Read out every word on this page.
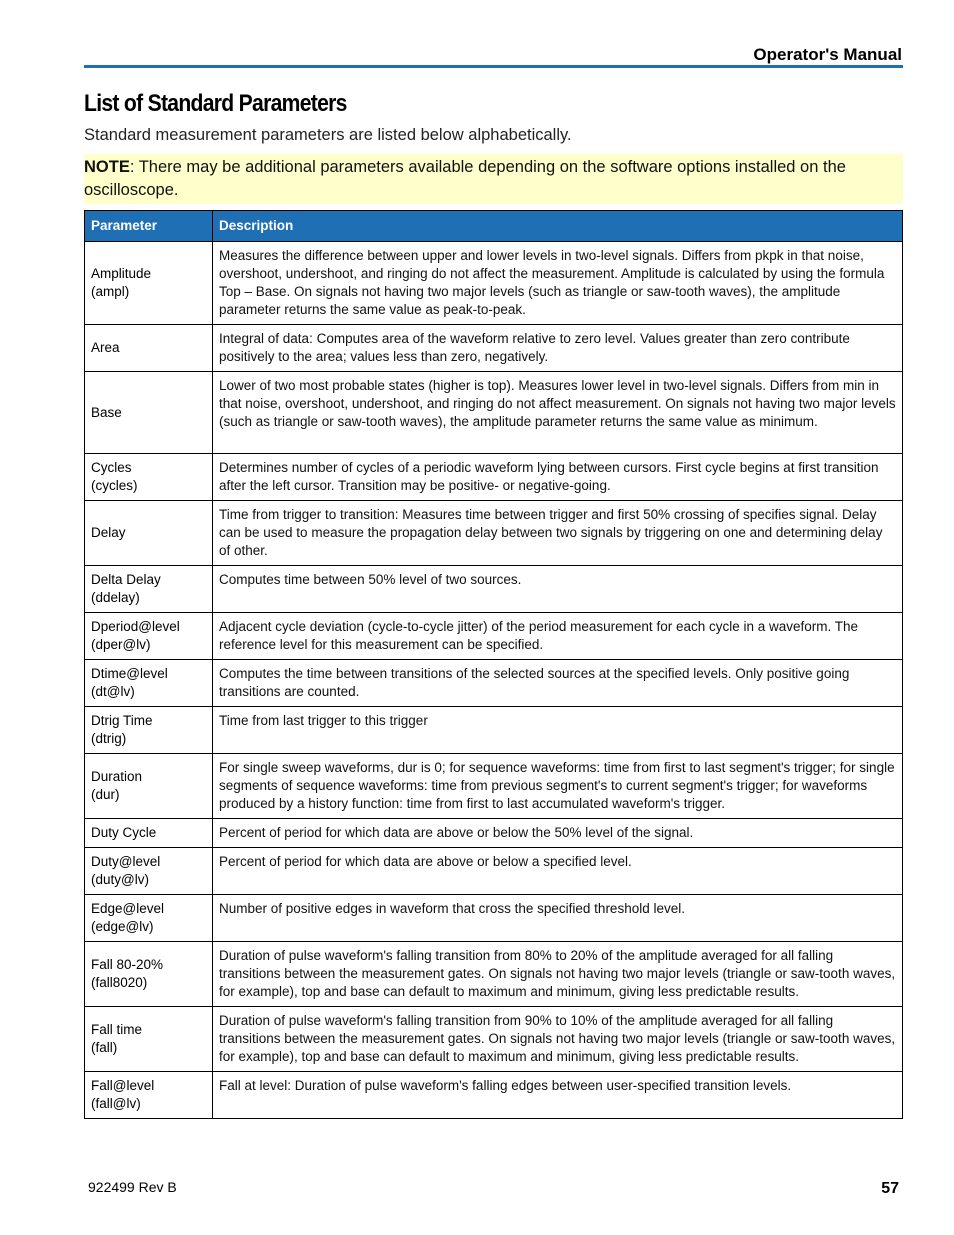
Operator's Manual
List of Standard Parameters
Standard measurement parameters are listed below alphabetically.
NOTE: There may be additional parameters available depending on the software options installed on the oscilloscope.
Parameter	Description

Amplitude
(ampl)	Measures the difference between upper and lower levels in two-level signals. Differs from pkpk in that noise, overshoot, undershoot, and ringing do not affect the measurement. Amplitude is calculated by using the formula Top – Base. On signals not having two major levels (such as triangle or saw-tooth waves), the amplitude parameter returns the same value as peak-to-peak.

Area	Integral of data: Computes area of the waveform relative to zero level. Values greater than zero contribute positively to the area; values less than zero, negatively.

Base	Lower of two most probable states (higher is top). Measures lower level in two-level signals. Differs from min in that noise, overshoot, undershoot, and ringing do not affect measurement. On signals not having two major levels (such as triangle or saw-tooth waves), the amplitude parameter returns the same value as minimum.

Cycles
(cycles)	Determines number of cycles of a periodic waveform lying between cursors. First cycle begins at first transition after the left cursor. Transition may be positive- or negative-going.

Delay	Time from trigger to transition: Measures time between trigger and first 50% crossing of specifies signal. Delay can be used to measure the propagation delay between two signals by triggering on one and determining delay of other.

Delta Delay
(ddelay)	Computes time between 50% level of two sources.

Dperiod@level
(dper@lv)	Adjacent cycle deviation (cycle-to-cycle jitter) of the period measurement for each cycle in a waveform. The reference level for this measurement can be specified.

Dtime@level
(dt@lv)	Computes the time between transitions of the selected sources at the specified levels. Only positive going transitions are counted.

Dtrig Time
(dtrig)	Time from last trigger to this trigger

Duration
(dur)	For single sweep waveforms, dur is 0; for sequence waveforms: time from first to last segment's trigger; for single segments of sequence waveforms: time from previous segment's to current segment's trigger; for waveforms produced by a history function: time from first to last accumulated waveform's trigger.

Duty Cycle	Percent of period for which data are above or below the 50% level of the signal.

Duty@level
(duty@lv)	Percent of period for which data are above or below a specified level.

Edge@level
(edge@lv)	Number of positive edges in waveform that cross the specified threshold level.

Fall 80-20%
(fall8020)	Duration of pulse waveform's falling transition from 80% to 20% of the amplitude averaged for all falling transitions between the measurement gates. On signals not having two major levels (triangle or saw-tooth waves, for example), top and base can default to maximum and minimum, giving less predictable results.

Fall time
(fall)	Duration of pulse waveform's falling transition from 90% to 10% of the amplitude averaged for all falling transitions between the measurement gates. On signals not having two major levels (triangle or saw-tooth waves, for example), top and base can default to maximum and minimum, giving less predictable results.

Fall@level
(fall@lv)	Fall at level: Duration of pulse waveform's falling edges between user-specified transition levels.
922499 Rev B	57
